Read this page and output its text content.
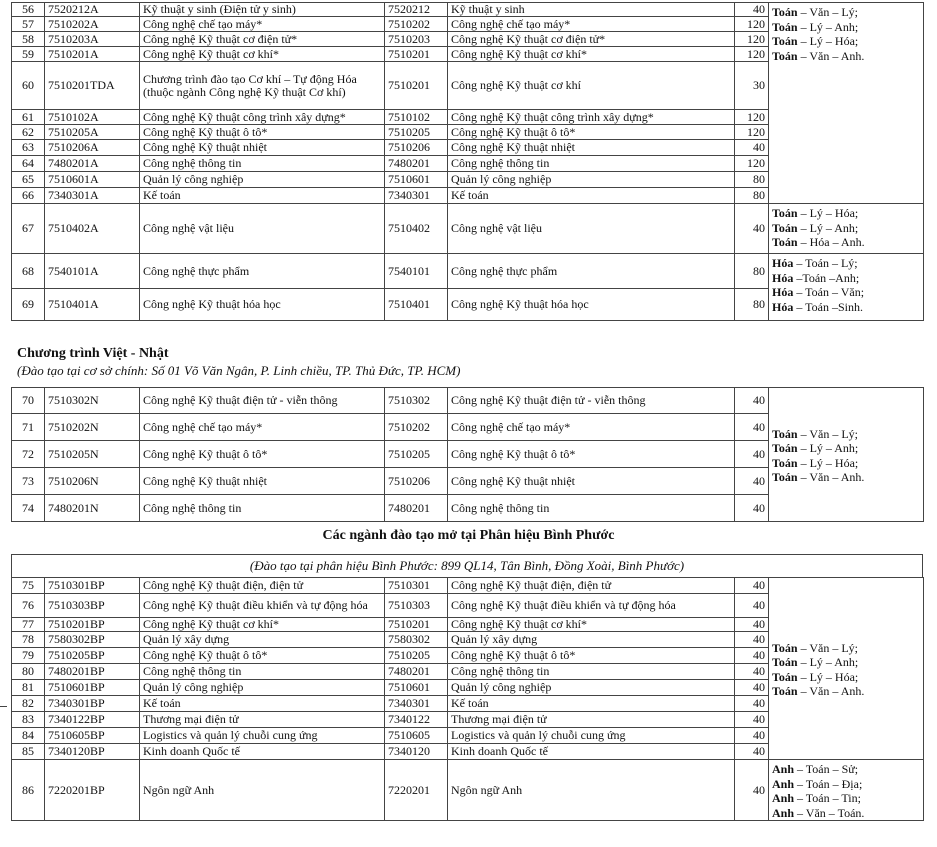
56	7520212A	Kỹ thuật y sinh (Điện tử y sinh)	7520212	Kỹ thuật y sinh	40	Toán – Văn – Lý;
Toán – Lý – Anh;
Toán – Lý – Hóa;
Toán – Văn – Anh.

57	7510202A	Công nghệ chế tạo máy*	7510202	Công nghệ chế tạo máy*	120	
58	7510203A	Công nghệ Kỹ thuật cơ điện tử*	7510203	Công nghệ Kỹ thuật cơ điện tử*	120	
59	7510201A	Công nghệ Kỹ thuật cơ khí*	7510201	Công nghệ Kỹ thuật cơ khí*	120	
60	7510201TDA	Chương trình đào tạo Cơ khí – Tự động Hóa (thuộc ngành Công nghệ Kỹ thuật Cơ khí)	7510201	Công nghệ Kỹ thuật cơ khí	30	
61	7510102A	Công nghệ Kỹ thuật công trình xây dựng*	7510102	Công nghệ Kỹ thuật công trình xây dựng*	120	
62	7510205A	Công nghệ Kỹ thuật ô tô*	7510205	Công nghệ Kỹ thuật ô tô*	120	
63	7510206A	Công nghệ Kỹ thuật nhiệt	7510206	Công nghệ Kỹ thuật nhiệt	40	
64	7480201A	Công nghệ thông tin	7480201	Công nghệ thông tin	120	
65	7510601A	Quản lý công nghiệp	7510601	Quản lý công nghiệp	80	
66	7340301A	Kế toán	7340301	Kế toán	80	
67	7510402A	Công nghệ vật liệu	7510402	Công nghệ vật liệu	40	Toán – Lý – Hóa;
Toán – Lý – Anh;
Toán – Hóa – Anh.

68	7540101A	Công nghệ thực phẩm	7540101	Công nghệ thực phẩm	80	Hóa – Toán – Lý;
Hóa –Toán –Anh;
Hóa – Toán – Văn;
Hóa – Toán –Sinh.

69	7510401A	Công nghệ Kỹ thuật hóa học	7510401	Công nghệ Kỹ thuật hóa học	80	
Chương trình Việt - Nhật
(Đào tạo tại cơ sở chính: Số 01 Võ Văn Ngân, P. Linh chiều, TP. Thủ Đức, TP. HCM)
70	7510302N	Công nghệ Kỹ thuật điện tử - viễn thông	7510302	Công nghệ Kỹ thuật điện tử - viễn thông	40	Toán – Văn – Lý;
Toán – Lý – Anh;
Toán – Lý – Hóa;
Toán – Văn – Anh.

71	7510202N	Công nghệ chế tạo máy*	7510202	Công nghệ chế tạo máy*	40	
72	7510205N	Công nghệ Kỹ thuật ô tô*	7510205	Công nghệ Kỹ thuật ô tô*	40	
73	7510206N	Công nghệ Kỹ thuật nhiệt	7510206	Công nghệ Kỹ thuật nhiệt	40	
74	7480201N	Công nghệ thông tin	7480201	Công nghệ thông tin	40	
Các ngành đào tạo mở tại Phân hiệu Bình Phước
(Đào tạo tại phân hiệu Bình Phước: 899 QL14, Tân Bình, Đồng Xoài, Bình Phước)
75	7510301BP	Công nghệ Kỹ thuật điện, điện tử	7510301	Công nghệ Kỹ thuật điện, điện tử	40	Toán – Văn – Lý;
Toán – Lý – Anh;
Toán – Lý – Hóa;
Toán – Văn – Anh.

76	7510303BP	Công nghệ Kỹ thuật điều khiển và tự động hóa	7510303	Công nghệ Kỹ thuật điều khiển và tự động hóa	40	
77	7510201BP	Công nghệ Kỹ thuật cơ khí*	7510201	Công nghệ Kỹ thuật cơ khí*	40	
78	7580302BP	Quản lý xây dựng	7580302	Quản lý xây dựng	40	
79	7510205BP	Công nghệ Kỹ thuật ô tô*	7510205	Công nghệ Kỹ thuật ô tô*	40	
80	7480201BP	Công nghệ thông tin	7480201	Công nghệ thông tin	40	
81	7510601BP	Quản lý công nghiệp	7510601	Quản lý công nghiệp	40	
82	7340301BP	Kế toán	7340301	Kế toán	40	
83	7340122BP	Thương mại điện tử	7340122	Thương mại điện tử	40	
84	7510605BP	Logistics và quản lý chuỗi cung ứng	7510605	Logistics và quản lý chuỗi cung ứng	40	
85	7340120BP	Kinh doanh Quốc tế	7340120	Kinh doanh Quốc tế	40	
86	7220201BP	Ngôn ngữ Anh	7220201	Ngôn ngữ Anh	40	Anh – Toán – Sử;
Anh – Toán – Địa;
Anh – Toán – Tin;
Anh – Văn – Toán.
